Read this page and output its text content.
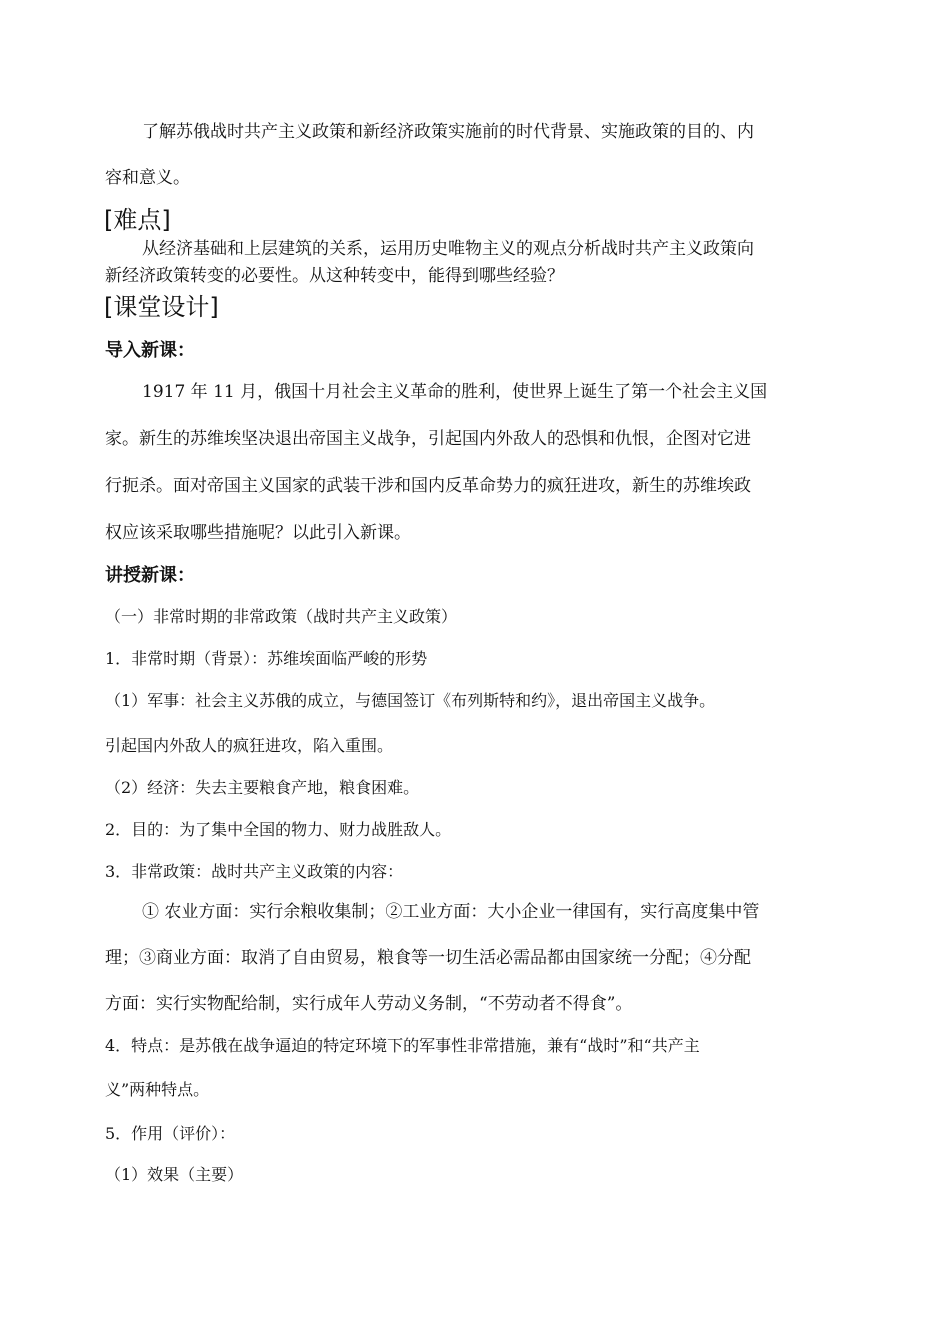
了解苏俄战时共产主义政策和新经济政策实施前的时代背景、实施政策的目的、内
容和意义。
[难点]
从经济基础和上层建筑的关系，运用历史唯物主义的观点分析战时共产主义政策向
新经济政策转变的必要性。从这种转变中，能得到哪些经验？
[课堂设计]
导入新课：
1917 年 11 月，俄国十月社会主义革命的胜利，使世界上诞生了第一个社会主义国
家。新生的苏维埃坚决退出帝国主义战争，引起国内外敌人的恐惧和仇恨，企图对它进
行扼杀。面对帝国主义国家的武装干涉和国内反革命势力的疯狂进攻，新生的苏维埃政
权应该采取哪些措施呢？以此引入新课。
讲授新课：
（一）非常时期的非常政策（战时共产主义政策）
1．非常时期（背景）：苏维埃面临严峻的形势
（1）军事：社会主义苏俄的成立，与德国签订《布列斯特和约》，退出帝国主义战争。
引起国内外敌人的疯狂进攻，陷入重围。
（2）经济：失去主要粮食产地，粮食困难。
2．目的：为了集中全国的物力、财力战胜敌人。
3．非常政策：战时共产主义政策的内容：
① 农业方面：实行余粮收集制；②工业方面：大小企业一律国有，实行高度集中管
理；③商业方面：取消了自由贸易，粮食等一切生活必需品都由国家统一分配；④分配
方面：实行实物配给制，实行成年人劳动义务制，“不劳动者不得食”。
4．特点：是苏俄在战争逼迫的特定环境下的军事性非常措施，兼有“战时”和“共产主
义”两种特点。
5．作用（评价）：
（1）效果（主要）
